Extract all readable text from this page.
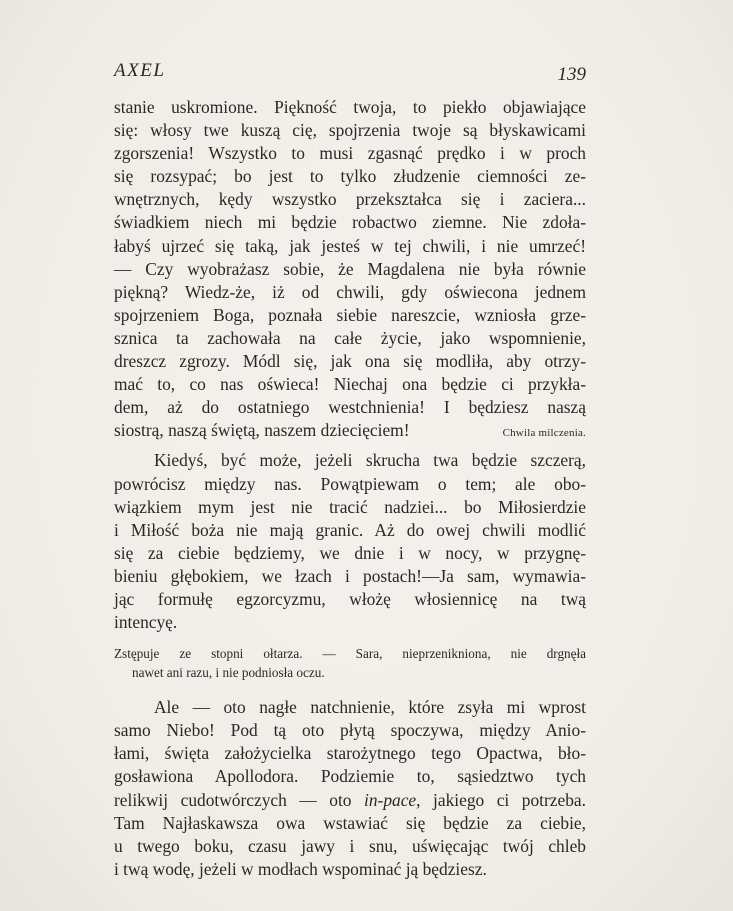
AXEL	139
stanie uskromione. Piękność twoja, to piekło objawiające
się: włosy twe kuszą cię, spojrzenia twoje są błyskawicami
zgorszenia! Wszystko to musi zgasnąć prędko i w proch
się rozsypać; bo jest to tylko złudzenie ciemności ze-
wnętrznych, kędy wszystko przekształca się i zaciera...
świadkiem niech mi będzie robactwo ziemne. Nie zdoła-
łabyś ujrzeć się taką, jak jesteś w tej chwili, i nie umrzeć!
— Czy wyobrażasz sobie, że Magdalena nie była równie
piękną? Wiedz-że, iż od chwili, gdy oświecona jednem
spojrzeniem Boga, poznała siebie nareszcie, wzniosła grze-
sznica ta zachowała na całe życie, jako wspomnienie,
dreszcz zgrozy. Módl się, jak ona się modliła, aby otrzy-
mać to, co nas oświeca! Niechaj ona będzie ci przykła-
dem, aż do ostatniego westchnienia! I będziesz naszą
siostrą, naszą świętą, naszem dziecięciem!	Chwila milczenia.
Kiedyś, być może, jeżeli skrucha twa będzie szczerą,
powrócisz między nas. Powątpiewam o tem; ale obo-
wiązkiem mym jest nie tracić nadziei... bo Miłosierdzie
i Miłość boża nie mają granic. Aż do owej chwili modlić
się za ciebie będziemy, we dnie i w nocy, w przygnę-
bieniu głębokiem, we łzach i postach!—Ja sam, wymawia-
jąc formułę egzorcyzmu, włożę włosiennicę na twą
intencyę.
Zstępuje ze stopni ołtarza. — Sara, nieprzenikniona, nie drgnęła
nawet ani razu, i nie podniosła oczu.
Ale — oto nagłe natchnienie, które zsyła mi wprost
samo Niebo! Pod tą oto płytą spoczywa, między Anio-
łami, święta założycielka starożytnego tego Opactwa, bło-
gosławiona Apollodora. Podziemie to, sąsiedztwo tych
relikwij cudotwórczych — oto in-pace, jakiego ci potrzeba.
Tam Najłaskawsza owa wstawiać się będzie za ciebie,
u twego boku, czasu jawy i snu, uświęcając twój chleb
i twą wodę, jeżeli w modłach wspominać ją będziesz.
